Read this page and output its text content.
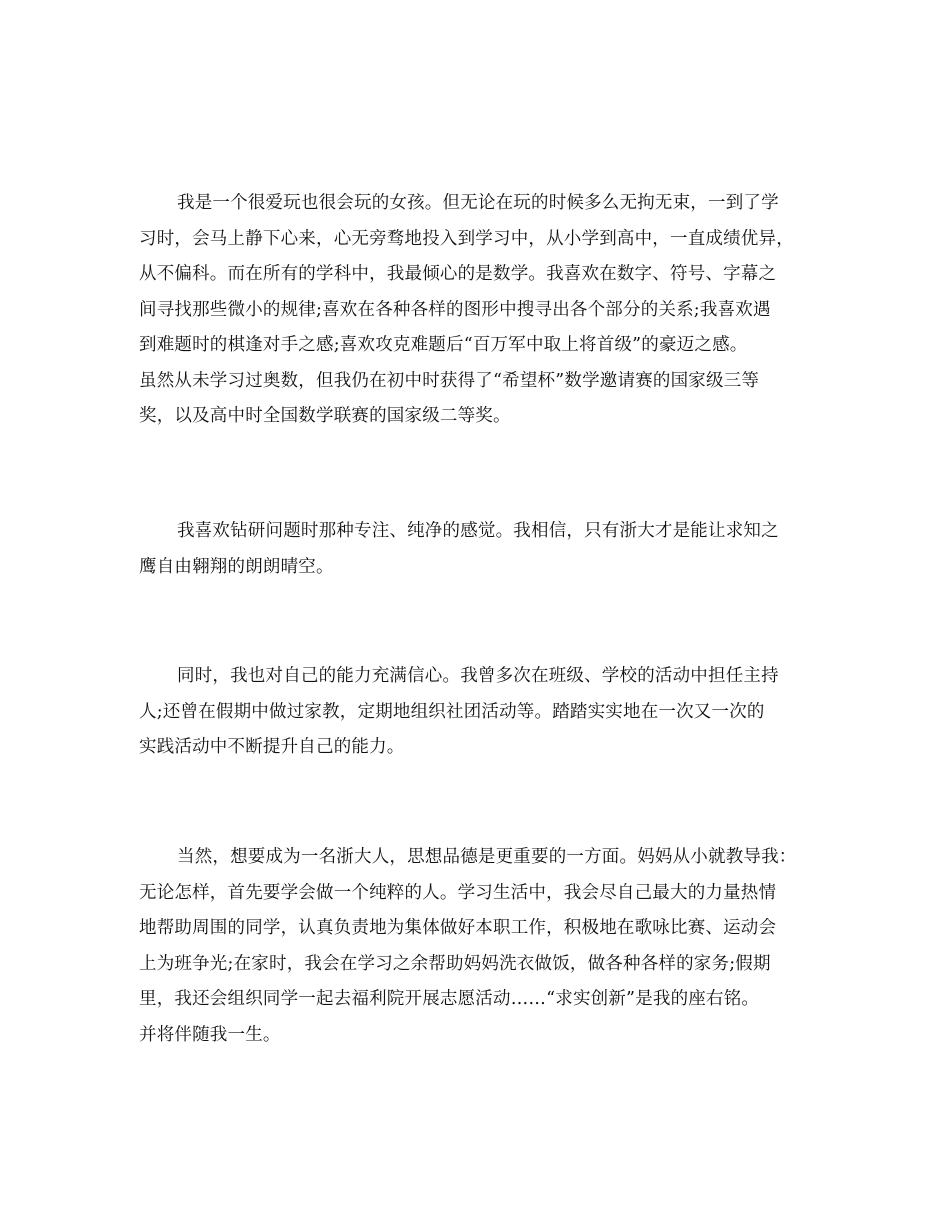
我是一个很爱玩也很会玩的女孩。但无论在玩的时候多么无拘无束，一到了学
习时，会马上静下心来，心无旁骛地投入到学习中，从小学到高中，一直成绩优异，
从不偏科。而在所有的学科中，我最倾心的是数学。我喜欢在数字、符号、字幕之
间寻找那些微小的规律;喜欢在各种各样的图形中搜寻出各个部分的关系;我喜欢遇
到难题时的棋逢对手之感;喜欢攻克难题后“百万军中取上将首级”的豪迈之感。
虽然从未学习过奥数，但我仍在初中时获得了“希望杯”数学邀请赛的国家级三等
奖，以及高中时全国数学联赛的国家级二等奖。
我喜欢钻研问题时那种专注、纯净的感觉。我相信，只有浙大才是能让求知之
鹰自由翱翔的朗朗晴空。
同时，我也对自己的能力充满信心。我曾多次在班级、学校的活动中担任主持
人;还曾在假期中做过家教，定期地组织社团活动等。踏踏实实地在一次又一次的
实践活动中不断提升自己的能力。
当然，想要成为一名浙大人，思想品德是更重要的一方面。妈妈从小就教导我：
无论怎样，首先要学会做一个纯粹的人。学习生活中，我会尽自己最大的力量热情
地帮助周围的同学，认真负责地为集体做好本职工作，积极地在歌咏比赛、运动会
上为班争光;在家时，我会在学习之余帮助妈妈洗衣做饭，做各种各样的家务;假期
里，我还会组织同学一起去福利院开展志愿活动……“求实创新”是我的座右铭。
并将伴随我一生。
